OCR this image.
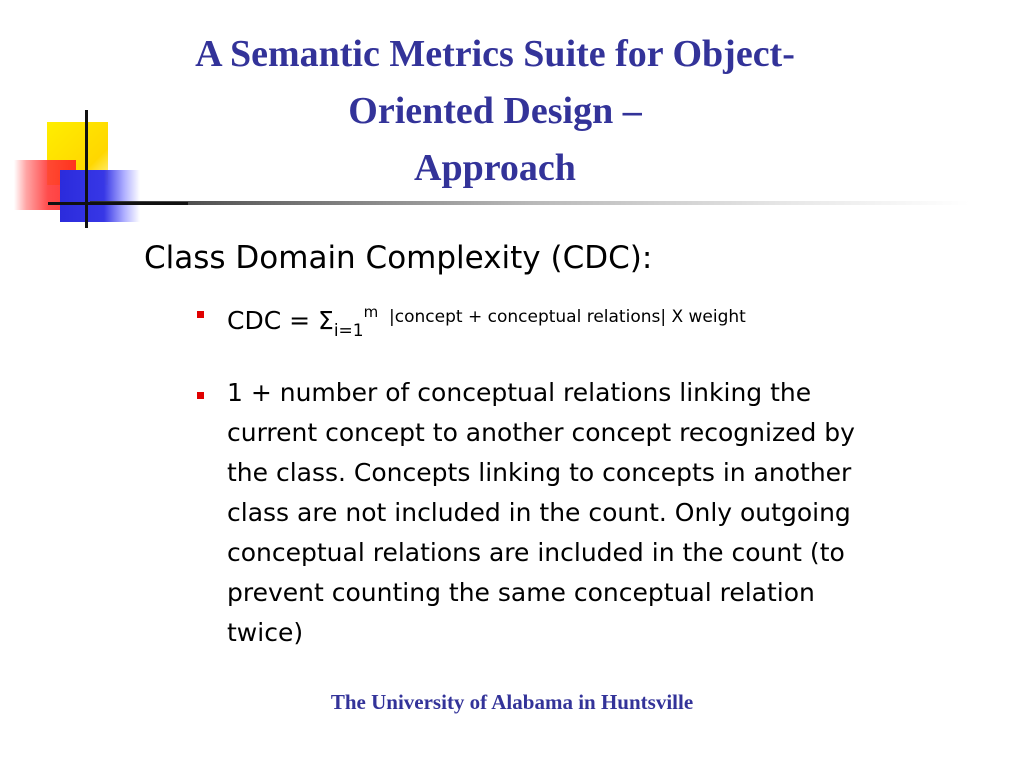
A Semantic Metrics Suite for Object-
Oriented Design –
Approach
Class Domain Complexity (CDC):
CDC = $\Sigma_{i=1}^m$ $^{|concept + conceptual relations| X weight}$
1 + number of conceptual relations linking the
current concept to another concept recognized by
the class. Concepts linking to concepts in another
class are not included in the count. Only outgoing
conceptual relations are included in the count (to
prevent counting the same conceptual relation
twice)
The University of Alabama in Huntsville
